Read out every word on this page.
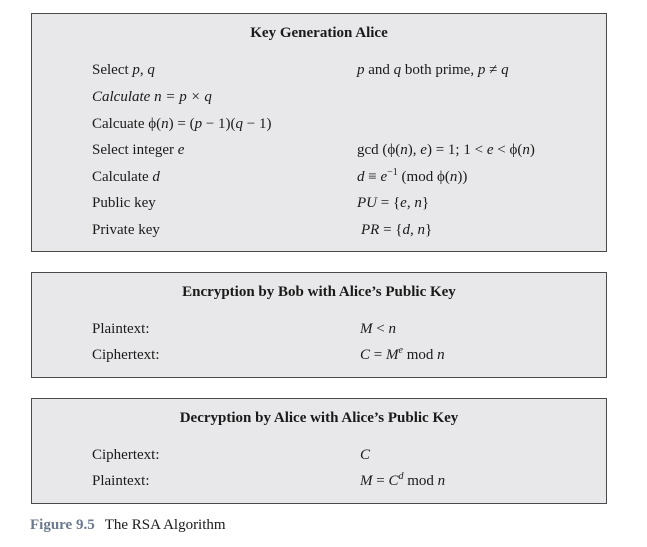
Key Generation Alice
Select p, q	p and q both prime, p ≠ q
Calculate n = p × q
Calcuate ϕ(n) = (p − 1)(q − 1)
Select integer e	gcd (ϕ(n), e) = 1; 1 < e < ϕ(n)
Calculate d	$d \equiv e^{-1}$ (mod ϕ(n))
Public key	PU = {e, n}
Private key	PR = {d, n}
Encryption by Bob with Alice’s Public Key
Plaintext:	M < n
Ciphertext:	$C = M^e$ mod n
Decryption by Alice with Alice’s Public Key
Ciphertext:	C
Plaintext:	$M = C^d$ mod n
Figure 9.5 The RSA Algorithm
